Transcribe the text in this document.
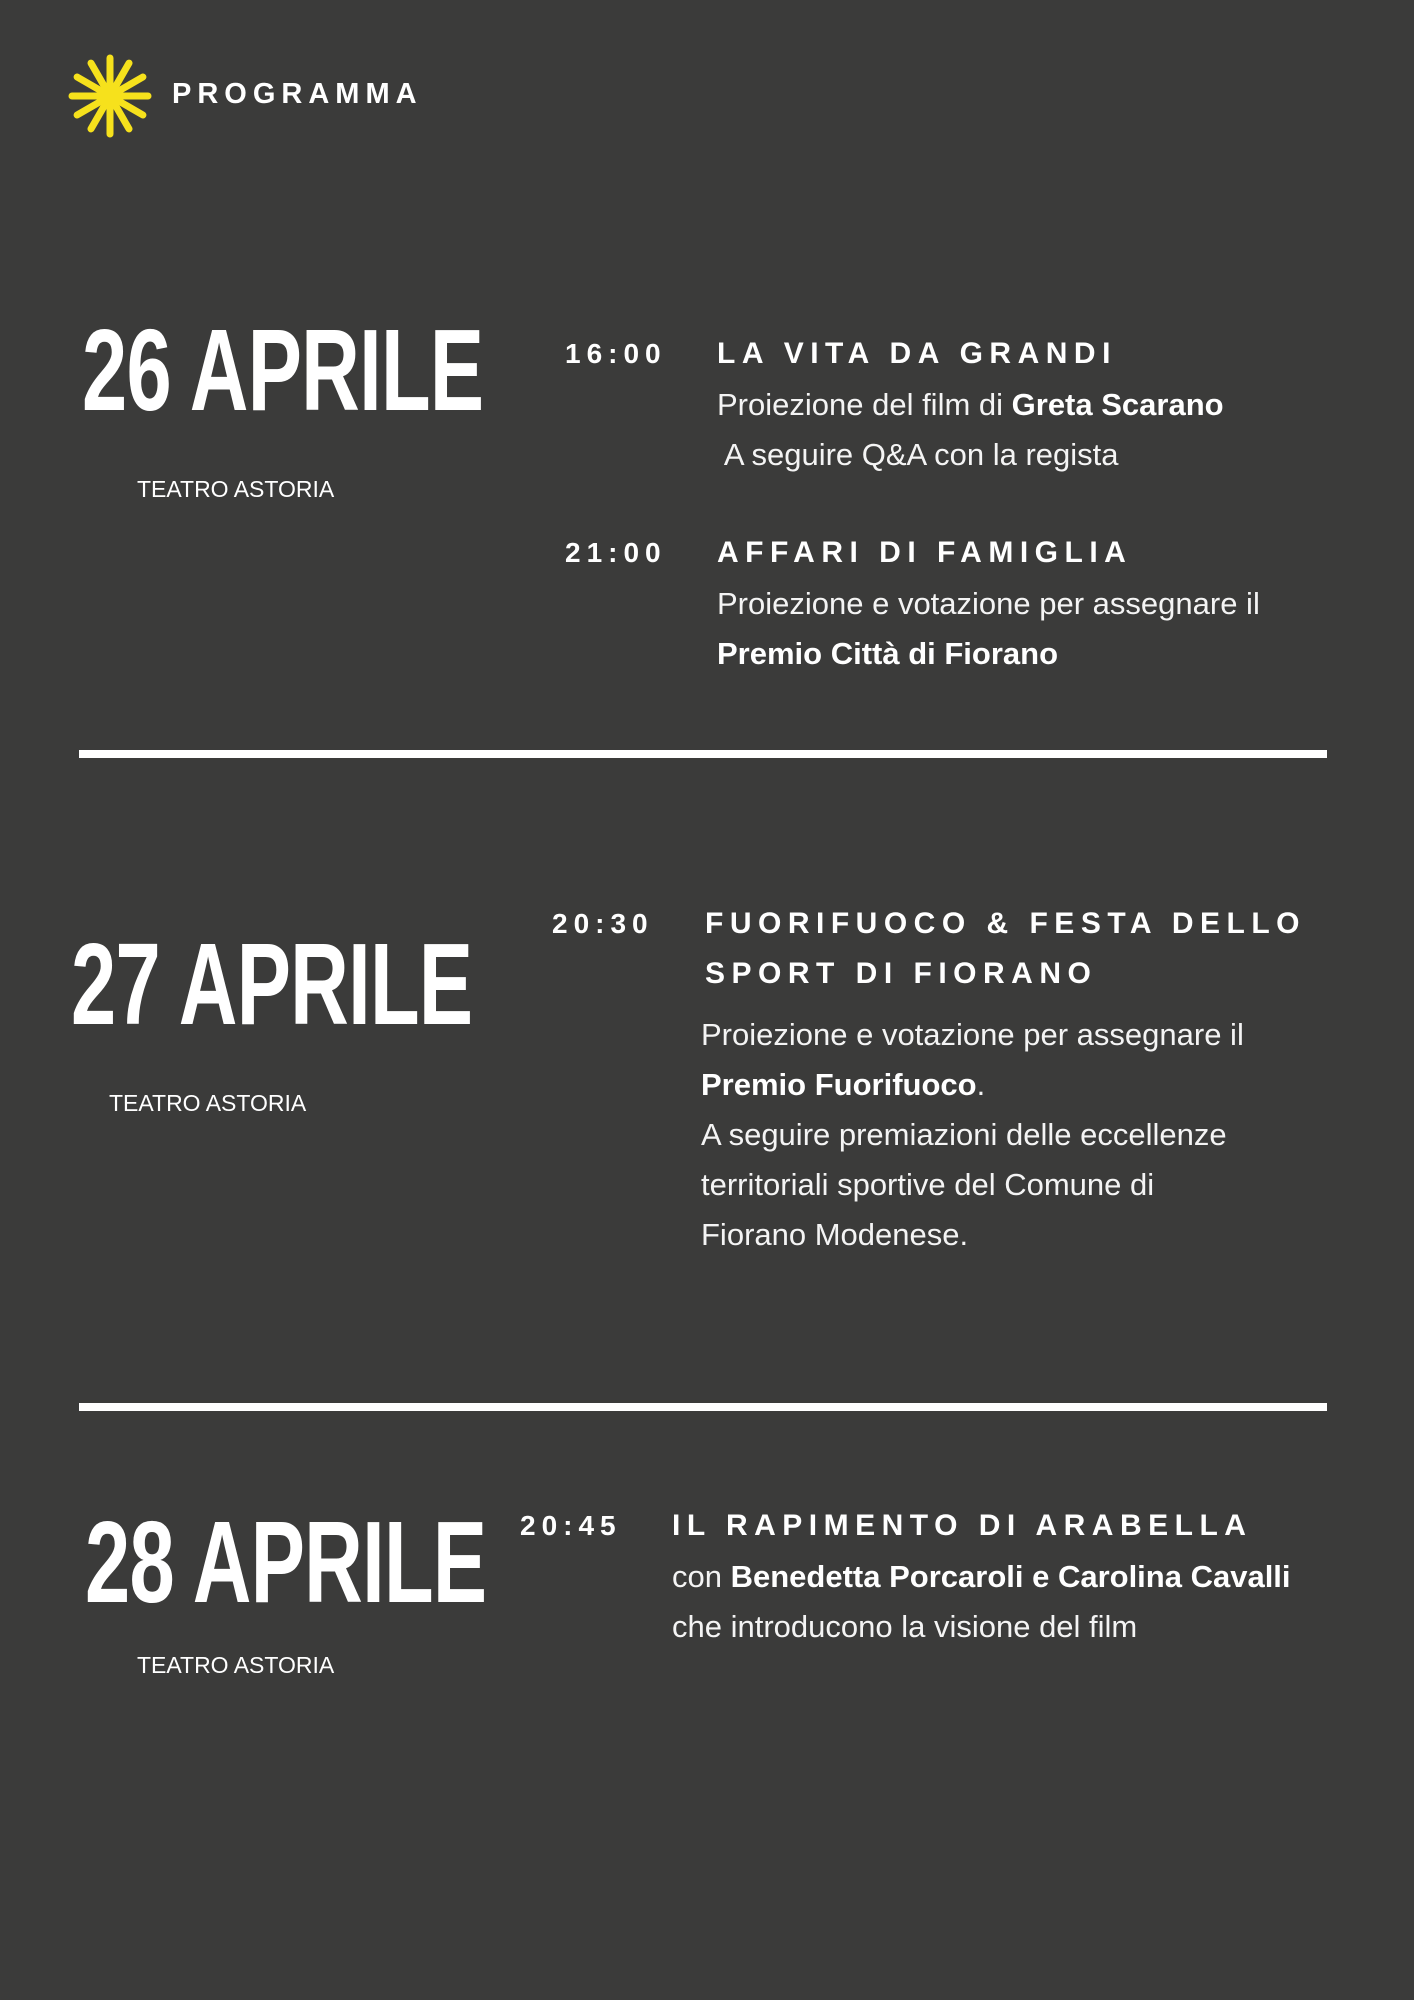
PROGRAMMA
26 APRILE
TEATRO ASTORIA
16:00 LA VITA DA GRANDI
Proiezione del film di Greta Scarano
A seguire Q&A con la regista
21:00 AFFARI DI FAMIGLIA
Proiezione e votazione per assegnare il
Premio Città di Fiorano
27 APRILE
TEATRO ASTORIA
20:30 FUORIFUOCO & FESTA DELLO
SPORT DI FIORANO
Proiezione e votazione per assegnare il
Premio Fuorifuoco.
A seguire premiazioni delle eccellenze
territoriali sportive del Comune di
Fiorano Modenese.
28 APRILE
TEATRO ASTORIA
20:45 IL RAPIMENTO DI ARABELLA
con Benedetta Porcaroli e Carolina Cavalli
che introducono la visione del film
